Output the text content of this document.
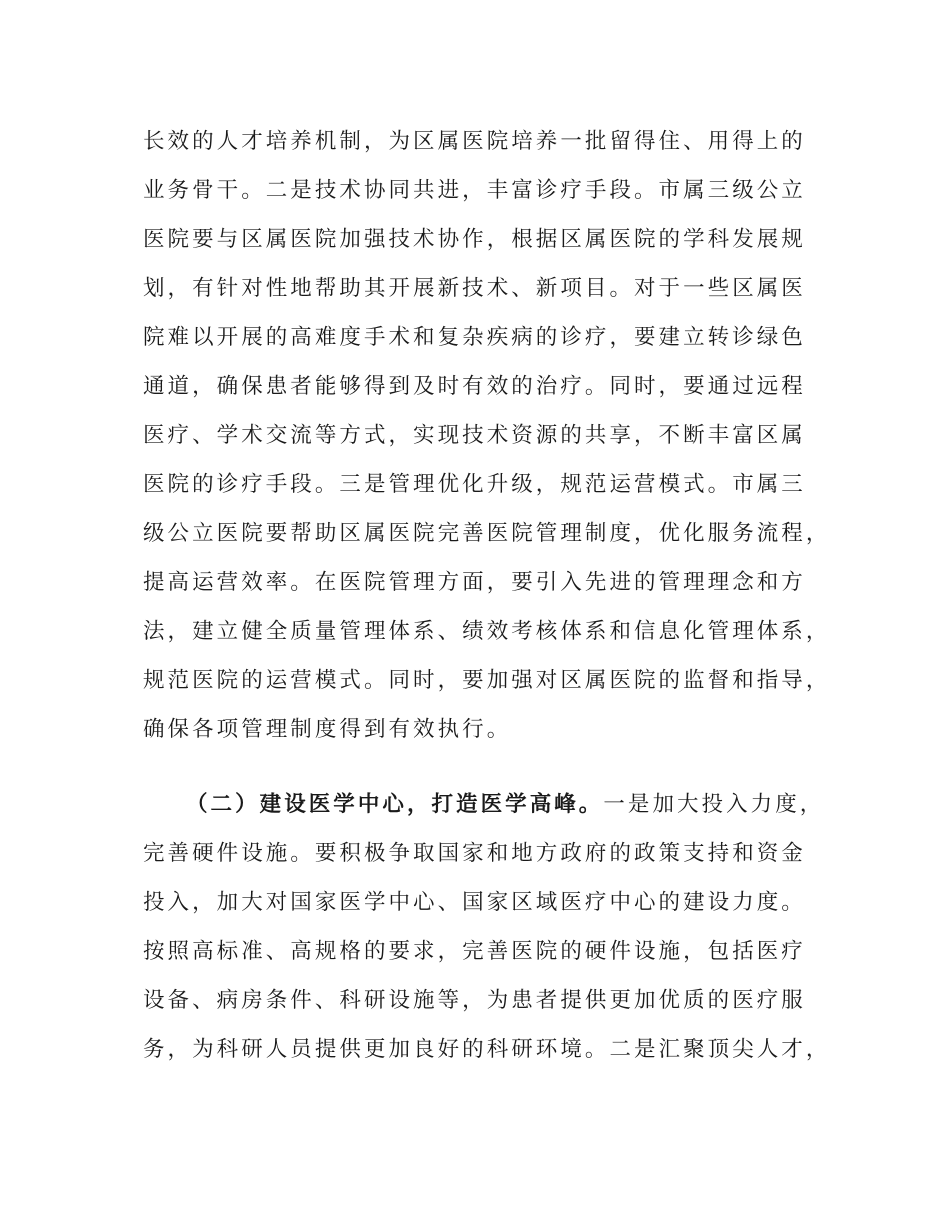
长效的人才培养机制，为区属医院培养一批留得住、用得上的
业务骨干。二是技术协同共进，丰富诊疗手段。市属三级公立
医院要与区属医院加强技术协作，根据区属医院的学科发展规
划，有针对性地帮助其开展新技术、新项目。对于一些区属医
院难以开展的高难度手术和复杂疾病的诊疗，要建立转诊绿色
通道，确保患者能够得到及时有效的治疗。同时，要通过远程
医疗、学术交流等方式，实现技术资源的共享，不断丰富区属
医院的诊疗手段。三是管理优化升级，规范运营模式。市属三
级公立医院要帮助区属医院完善医院管理制度，优化服务流程，
提高运营效率。在医院管理方面，要引入先进的管理理念和方
法，建立健全质量管理体系、绩效考核体系和信息化管理体系，
规范医院的运营模式。同时，要加强对区属医院的监督和指导，
确保各项管理制度得到有效执行。
（二）建设医学中心，打造医学高峰。一是加大投入力度，
完善硬件设施。要积极争取国家和地方政府的政策支持和资金
投入，加大对国家医学中心、国家区域医疗中心的建设力度。
按照高标准、高规格的要求，完善医院的硬件设施，包括医疗
设备、病房条件、科研设施等，为患者提供更加优质的医疗服
务，为科研人员提供更加良好的科研环境。二是汇聚顶尖人才，
